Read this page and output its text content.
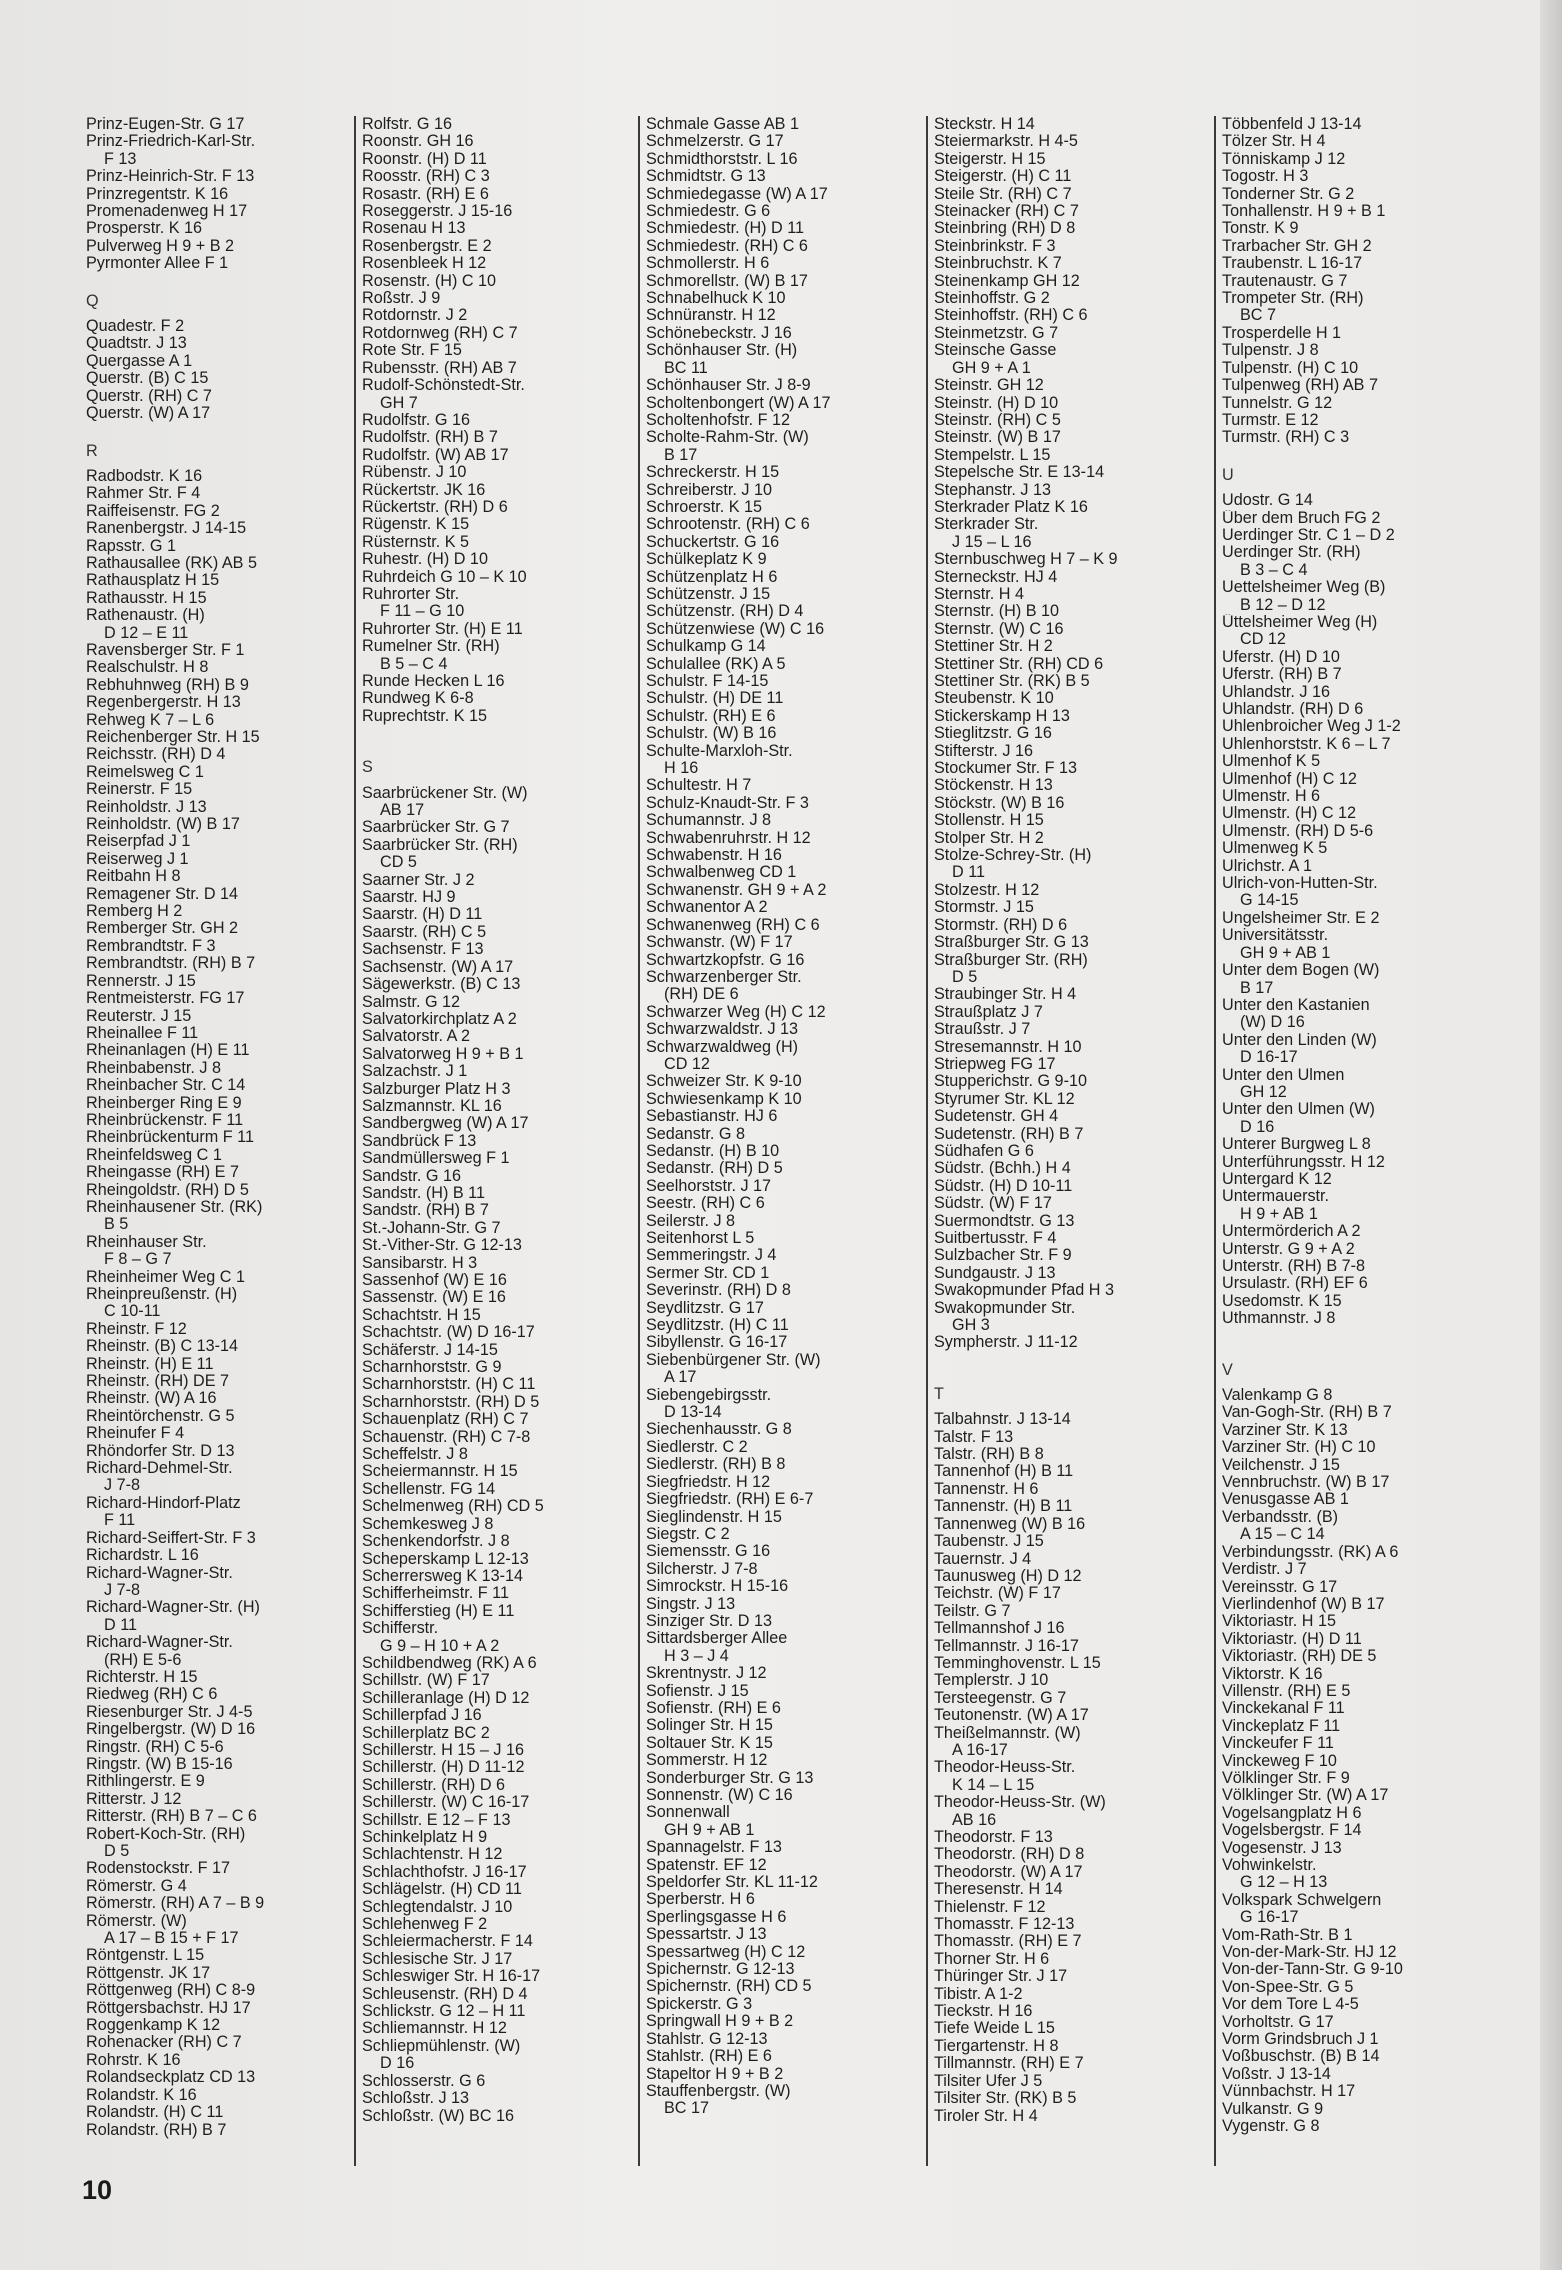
Prinz-Eugen-Str. G 17
Prinz-Friedrich-Karl-Str.
F 13
Prinz-Heinrich-Str. F 13
Prinzregentstr. K 16
Promenadenweg H 17
Prosperstr. K 16
Pulverweg H 9 + B 2
Pyrmonter Allee F 1
Q
Quadestr. F 2
Quadtstr. J 13
Quergasse A 1
Querstr. (B) C 15
Querstr. (RH) C 7
Querstr. (W) A 17
R
Radbodstr. K 16
Rahmer Str. F 4
Raiffeisenstr. FG 2
Ranenbergstr. J 14-15
Rapsstr. G 1
Rathausallee (RK) AB 5
Rathausplatz H 15
Rathausstr. H 15
Rathenaustr. (H)
D 12 – E 11
Ravensberger Str. F 1
Realschulstr. H 8
Rebhuhnweg (RH) B 9
Regenbergerstr. H 13
Rehweg K 7 – L 6
Reichenberger Str. H 15
Reichsstr. (RH) D 4
Reimelsweg C 1
Reinerstr. F 15
Reinholdstr. J 13
Reinholdstr. (W) B 17
Reiserpfad J 1
Reiserweg J 1
Reitbahn H 8
Remagener Str. D 14
Remberg H 2
Remberger Str. GH 2
Rembrandtstr. F 3
Rembrandtstr. (RH) B 7
Rennerstr. J 15
Rentmeisterstr. FG 17
Reuterstr. J 15
Rheinallee F 11
Rheinanlagen (H) E 11
Rheinbabenstr. J 8
Rheinbacher Str. C 14
Rheinberger Ring E 9
Rheinbrückenstr. F 11
Rheinbrückenturm F 11
Rheinfeldsweg C 1
Rheingasse (RH) E 7
Rheingoldstr. (RH) D 5
Rheinhausener Str. (RK)
B 5
Rheinhauser Str.
F 8 – G 7
Rheinheimer Weg C 1
Rheinpreußenstr. (H)
C 10-11
Rheinstr. F 12
Rheinstr. (B) C 13-14
Rheinstr. (H) E 11
Rheinstr. (RH) DE 7
Rheinstr. (W) A 16
Rheintörchenstr. G 5
Rheinufer F 4
Rhöndorfer Str. D 13
Richard-Dehmel-Str.
J 7-8
Richard-Hindorf-Platz
F 11
Richard-Seiffert-Str. F 3
Richardstr. L 16
Richard-Wagner-Str.
J 7-8
Richard-Wagner-Str. (H)
D 11
Richard-Wagner-Str.
(RH) E 5-6
Richterstr. H 15
Riedweg (RH) C 6
Riesenburger Str. J 4-5
Ringelbergstr. (W) D 16
Ringstr. (RH) C 5-6
Ringstr. (W) B 15-16
Rithlingerstr. E 9
Ritterstr. J 12
Ritterstr. (RH) B 7 – C 6
Robert-Koch-Str. (RH)
D 5
Rodenstockstr. F 17
Römerstr. G 4
Römerstr. (RH) A 7 – B 9
Römerstr. (W)
A 17 – B 15 + F 17
Röntgenstr. L 15
Röttgenstr. JK 17
Röttgenweg (RH) C 8-9
Röttgersbachstr. HJ 17
Roggenkamp K 12
Rohenacker (RH) C 7
Rohrstr. K 16
Rolandseckplatz CD 13
Rolandstr. K 16
Rolandstr. (H) C 11
Rolandstr. (RH) B 7
Rolfstr. G 16
Roonstr. GH 16
Roonstr. (H) D 11
Roosstr. (RH) C 3
Rosastr. (RH) E 6
Roseggerstr. J 15-16
Rosenau H 13
Rosenbergstr. E 2
Rosenbleek H 12
Rosenstr. (H) C 10
Roßstr. J 9
Rotdornstr. J 2
Rotdornweg (RH) C 7
Rote Str. F 15
Rubensstr. (RH) AB 7
Rudolf-Schönstedt-Str.
GH 7
Rudolfstr. G 16
Rudolfstr. (RH) B 7
Rudolfstr. (W) AB 17
Rübenstr. J 10
Rückertstr. JK 16
Rückertstr. (RH) D 6
Rügenstr. K 15
Rüsternstr. K 5
Ruhestr. (H) D 10
Ruhrdeich G 10 – K 10
Ruhrorter Str.
F 11 – G 10
Ruhrorter Str. (H) E 11
Rumelner Str. (RH)
B 5 – C 4
Runde Hecken L 16
Rundweg K 6-8
Ruprechtstr. K 15
S
Saarbrückener Str. (W)
AB 17
Saarbrücker Str. G 7
Saarbrücker Str. (RH)
CD 5
Saarner Str. J 2
Saarstr. HJ 9
Saarstr. (H) D 11
Saarstr. (RH) C 5
Sachsenstr. F 13
Sachsenstr. (W) A 17
Sägewerkstr. (B) C 13
Salmstr. G 12
Salvatorkirchplatz A 2
Salvatorstr. A 2
Salvatorweg H 9 + B 1
Salzachstr. J 1
Salzburger Platz H 3
Salzmannstr. KL 16
Sandbergweg (W) A 17
Sandbrück F 13
Sandmüllersweg F 1
Sandstr. G 16
Sandstr. (H) B 11
Sandstr. (RH) B 7
St.-Johann-Str. G 7
St.-Vither-Str. G 12-13
Sansibarstr. H 3
Sassenhof (W) E 16
Sassenstr. (W) E 16
Schachtstr. H 15
Schachtstr. (W) D 16-17
Schäferstr. J 14-15
Scharnhorststr. G 9
Scharnhorststr. (H) C 11
Scharnhorststr. (RH) D 5
Schauenplatz (RH) C 7
Schauenstr. (RH) C 7-8
Scheffelstr. J 8
Scheiermannstr. H 15
Schellenstr. FG 14
Schelmenweg (RH) CD 5
Schemkesweg J 8
Schenkendorfstr. J 8
Scheperskamp L 12-13
Scherrersweg K 13-14
Schifferheimstr. F 11
Schifferstieg (H) E 11
Schifferstr.
G 9 – H 10 + A 2
Schildbendweg (RK) A 6
Schillstr. (W) F 17
Schilleranlage (H) D 12
Schillerpfad J 16
Schillerplatz BC 2
Schillerstr. H 15 – J 16
Schillerstr. (H) D 11-12
Schillerstr. (RH) D 6
Schillerstr. (W) C 16-17
Schillstr. E 12 – F 13
Schinkelplatz H 9
Schlachtenstr. H 12
Schlachthofstr. J 16-17
Schlägelstr. (H) CD 11
Schlegtendalstr. J 10
Schlehenweg F 2
Schleiermacherstr. F 14
Schlesische Str. J 17
Schleswiger Str. H 16-17
Schleusenstr. (RH) D 4
Schlickstr. G 12 – H 11
Schliemannstr. H 12
Schliepmühlenstr. (W)
D 16
Schlosserstr. G 6
Schloßstr. J 13
Schloßstr. (W) BC 16
Schmale Gasse AB 1
Schmelzerstr. G 17
Schmidthorststr. L 16
Schmidtstr. G 13
Schmiedegasse (W) A 17
Schmiedestr. G 6
Schmiedestr. (H) D 11
Schmiedestr. (RH) C 6
Schmollerstr. H 6
Schmorellstr. (W) B 17
Schnabelhuck K 10
Schnüranstr. H 12
Schönebeckstr. J 16
Schönhauser Str. (H)
BC 11
Schönhauser Str. J 8-9
Scholtenbongert (W) A 17
Scholtenhofstr. F 12
Scholte-Rahm-Str. (W)
B 17
Schreckerstr. H 15
Schreiberstr. J 10
Schroerstr. K 15
Schrootenstr. (RH) C 6
Schuckertstr. G 16
Schülkeplatz K 9
Schützenplatz H 6
Schützenstr. J 15
Schützenstr. (RH) D 4
Schützenwiese (W) C 16
Schulkamp G 14
Schulallee (RK) A 5
Schulstr. F 14-15
Schulstr. (H) DE 11
Schulstr. (RH) E 6
Schulstr. (W) B 16
Schulte-Marxloh-Str.
H 16
Schultestr. H 7
Schulz-Knaudt-Str. F 3
Schumannstr. J 8
Schwabenruhrstr. H 12
Schwabenstr. H 16
Schwalbenweg CD 1
Schwanenstr. GH 9 + A 2
Schwanentor A 2
Schwanenweg (RH) C 6
Schwanstr. (W) F 17
Schwartzkopfstr. G 16
Schwarzenberger Str.
(RH) DE 6
Schwarzer Weg (H) C 12
Schwarzwaldstr. J 13
Schwarzwaldweg (H)
CD 12
Schweizer Str. K 9-10
Schwiesenkamp K 10
Sebastianstr. HJ 6
Sedanstr. G 8
Sedanstr. (H) B 10
Sedanstr. (RH) D 5
Seelhorststr. J 17
Seestr. (RH) C 6
Seilerstr. J 8
Seitenhorst L 5
Semmeringstr. J 4
Sermer Str. CD 1
Severinstr. (RH) D 8
Seydlitzstr. G 17
Seydlitzstr. (H) C 11
Sibyllenstr. G 16-17
Siebenbürgener Str. (W)
A 17
Siebengebirgsstr.
D 13-14
Siechenhausstr. G 8
Siedlerstr. C 2
Siedlerstr. (RH) B 8
Siegfriedstr. H 12
Siegfriedstr. (RH) E 6-7
Sieglindenstr. H 15
Siegstr. C 2
Siemensstr. G 16
Silcherstr. J 7-8
Simrockstr. H 15-16
Singstr. J 13
Sinziger Str. D 13
Sittardsberger Allee
H 3 – J 4
Skrentnystr. J 12
Sofienstr. J 15
Sofienstr. (RH) E 6
Solinger Str. H 15
Soltauer Str. K 15
Sommerstr. H 12
Sonderburger Str. G 13
Sonnenstr. (W) C 16
Sonnenwall
GH 9 + AB 1
Spannagelstr. F 13
Spatenstr. EF 12
Speldorfer Str. KL 11-12
Sperberstr. H 6
Sperlingsgasse H 6
Spessartstr. J 13
Spessartweg (H) C 12
Spichernstr. G 12-13
Spichernstr. (RH) CD 5
Spickerstr. G 3
Springwall H 9 + B 2
Stahlstr. G 12-13
Stahlstr. (RH) E 6
Stapeltor H 9 + B 2
Stauffenbergstr. (W)
BC 17
Steckstr. H 14
Steiermarkstr. H 4-5
Steigerstr. H 15
Steigerstr. (H) C 11
Steile Str. (RH) C 7
Steinacker (RH) C 7
Steinbring (RH) D 8
Steinbrinkstr. F 3
Steinbruchstr. K 7
Steinenkamp GH 12
Steinhoffstr. G 2
Steinhoffstr. (RH) C 6
Steinmetzstr. G 7
Steinsche Gasse
GH 9 + A 1
Steinstr. GH 12
Steinstr. (H) D 10
Steinstr. (RH) C 5
Steinstr. (W) B 17
Stempelstr. L 15
Stepelsche Str. E 13-14
Stephanstr. J 13
Sterkrader Platz K 16
Sterkrader Str.
J 15 – L 16
Sternbuschweg H 7 – K 9
Sterneckstr. HJ 4
Sternstr. H 4
Sternstr. (H) B 10
Sternstr. (W) C 16
Stettiner Str. H 2
Stettiner Str. (RH) CD 6
Stettiner Str. (RK) B 5
Steubenstr. K 10
Stickerskamp H 13
Stieglitzstr. G 16
Stifterstr. J 16
Stockumer Str. F 13
Stöckenstr. H 13
Stöckstr. (W) B 16
Stollenstr. H 15
Stolper Str. H 2
Stolze-Schrey-Str. (H)
D 11
Stolzestr. H 12
Stormstr. J 15
Stormstr. (RH) D 6
Straßburger Str. G 13
Straßburger Str. (RH)
D 5
Straubinger Str. H 4
Straußplatz J 7
Straußstr. J 7
Stresemannstr. H 10
Striepweg FG 17
Stupperichstr. G 9-10
Styrumer Str. KL 12
Sudetenstr. GH 4
Sudetenstr. (RH) B 7
Südhafen G 6
Südstr. (Bchh.) H 4
Südstr. (H) D 10-11
Südstr. (W) F 17
Suermondtstr. G 13
Suitbertusstr. F 4
Sulzbacher Str. F 9
Sundgaustr. J 13
Swakopmunder Pfad H 3
Swakopmunder Str.
GH 3
Sympherstr. J 11-12
T
Talbahnstr. J 13-14
Talstr. F 13
Talstr. (RH) B 8
Tannenhof (H) B 11
Tannenstr. H 6
Tannenstr. (H) B 11
Tannenweg (W) B 16
Taubenstr. J 15
Tauernstr. J 4
Taunusweg (H) D 12
Teichstr. (W) F 17
Teilstr. G 7
Tellmannshof J 16
Tellmannstr. J 16-17
Temminghovenstr. L 15
Templerstr. J 10
Tersteegenstr. G 7
Teutonenstr. (W) A 17
Theißelmannstr. (W)
A 16-17
Theodor-Heuss-Str.
K 14 – L 15
Theodor-Heuss-Str. (W)
AB 16
Theodorstr. F 13
Theodorstr. (RH) D 8
Theodorstr. (W) A 17
Theresenstr. H 14
Thielenstr. F 12
Thomasstr. F 12-13
Thomasstr. (RH) E 7
Thorner Str. H 6
Thüringer Str. J 17
Tibistr. A 1-2
Tieckstr. H 16
Tiefe Weide L 15
Tiergartenstr. H 8
Tillmannstr. (RH) E 7
Tilsiter Ufer J 5
Tilsiter Str. (RK) B 5
Tiroler Str. H 4
Többenfeld J 13-14
Tölzer Str. H 4
Tönniskamp J 12
Togostr. H 3
Tonderner Str. G 2
Tonhallenstr. H 9 + B 1
Tonstr. K 9
Trarbacher Str. GH 2
Traubenstr. L 16-17
Trautenaustr. G 7
Trompeter Str. (RH)
BC 7
Trosperdelle H 1
Tulpenstr. J 8
Tulpenstr. (H) C 10
Tulpenweg (RH) AB 7
Tunnelstr. G 12
Turmstr. E 12
Turmstr. (RH) C 3
U
Udostr. G 14
Über dem Bruch FG 2
Uerdinger Str. C 1 – D 2
Uerdinger Str. (RH)
B 3 – C 4
Uettelsheimer Weg (B)
B 12 – D 12
Üttelsheimer Weg (H)
CD 12
Uferstr. (H) D 10
Uferstr. (RH) B 7
Uhlandstr. J 16
Uhlandstr. (RH) D 6
Uhlenbroicher Weg J 1-2
Uhlenhorststr. K 6 – L 7
Ulmenhof K 5
Ulmenhof (H) C 12
Ulmenstr. H 6
Ulmenstr. (H) C 12
Ulmenstr. (RH) D 5-6
Ulmenweg K 5
Ulrichstr. A 1
Ulrich-von-Hutten-Str.
G 14-15
Ungelsheimer Str. E 2
Universitätsstr.
GH 9 + AB 1
Unter dem Bogen (W)
B 17
Unter den Kastanien
(W) D 16
Unter den Linden (W)
D 16-17
Unter den Ulmen
GH 12
Unter den Ulmen (W)
D 16
Unterer Burgweg L 8
Unterführungsstr. H 12
Untergard K 12
Untermauerstr.
H 9 + AB 1
Untermörderich A 2
Unterstr. G 9 + A 2
Unterstr. (RH) B 7-8
Ursulastr. (RH) EF 6
Usedomstr. K 15
Uthmannstr. J 8
V
Valenkamp G 8
Van-Gogh-Str. (RH) B 7
Varziner Str. K 13
Varziner Str. (H) C 10
Veilchenstr. J 15
Vennbruchstr. (W) B 17
Venusgasse AB 1
Verbandsstr. (B)
A 15 – C 14
Verbindungsstr. (RK) A 6
Verdistr. J 7
Vereinsstr. G 17
Vierlindenhof (W) B 17
Viktoriastr. H 15
Viktoriastr. (H) D 11
Viktoriastr. (RH) DE 5
Viktorstr. K 16
Villenstr. (RH) E 5
Vinckekanal F 11
Vinckeplatz F 11
Vinckeufer F 11
Vinckeweg F 10
Völklinger Str. F 9
Völklinger Str. (W) A 17
Vogelsangplatz H 6
Vogelsbergstr. F 14
Vogesenstr. J 13
Vohwinkelstr.
G 12 – H 13
Volkspark Schwelgern
G 16-17
Vom-Rath-Str. B 1
Von-der-Mark-Str. HJ 12
Von-der-Tann-Str. G 9-10
Von-Spee-Str. G 5
Vor dem Tore L 4-5
Vorholtstr. G 17
Vorm Grindsbruch J 1
Voßbuschstr. (B) B 14
Voßstr. J 13-14
Vünnbachstr. H 17
Vulkanstr. G 9
Vygenstr. G 8
10
